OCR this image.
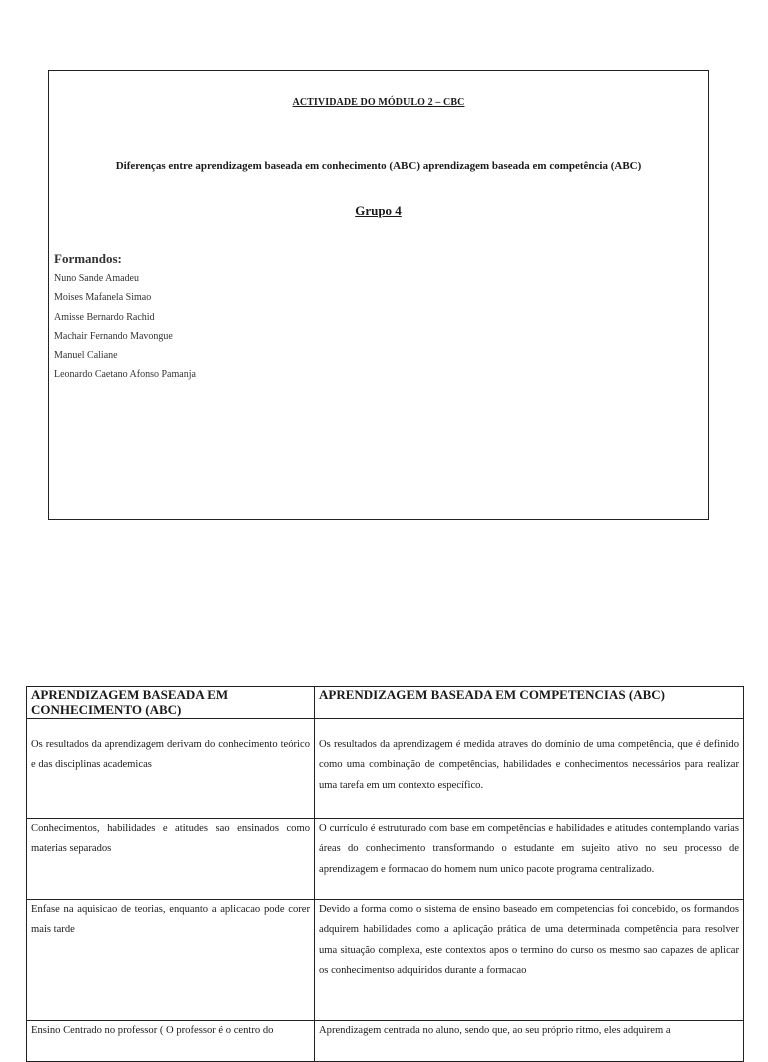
ACTIVIDADE DO MÓDULO 2 – CBC
Diferenças entre aprendizagem baseada em conhecimento (ABC) aprendizagem baseada em competência (ABC)
Grupo 4
Formandos:
Nuno Sande Amadeu
Moises Mafanela Simao
Amisse Bernardo Rachid
Machair Fernando Mavongue
Manuel Caliane
Leonardo Caetano Afonso Pamanja
APRENDIZAGEM BASEADA EM CONHECIMENTO (ABC)	APRENDIZAGEM BASEADA EM COMPETENCIAS (ABC)
Os resultados da aprendizagem derivam do conhecimento teórico e das disciplinas academicas	Os resultados da aprendizagem é medida atraves do domínio de uma competência, que é definido como uma combinação de competências, habilidades e conhecimentos necessários para realizar uma tarefa em um contexto específico.
Conhecimentos, habilidades e atitudes sao ensinados como materias separados	O currículo é estruturado com base em competências e habilidades e atitudes contemplando varias áreas do conhecimento transformando o estudante em sujeito ativo no seu processo de aprendizagem e formacao do homem num unico pacote programa centralizado.
Enfase na aquisicao de teorias, enquanto a aplicacao pode corer mais tarde	Devido a forma como o sistema de ensino baseado em competencias foi concebido, os formandos adquirem habilidades como a aplicação prática de uma determinada competência para resolver uma situação complexa, este contextos apos o termino do curso os mesmo sao capazes de aplicar os conhecimentso adquiridos durante a formacao
Ensino Centrado no professor ( O professor é o centro do	Aprendizagem centrada no aluno, sendo que, ao seu próprio ritmo, eles adquirem a
